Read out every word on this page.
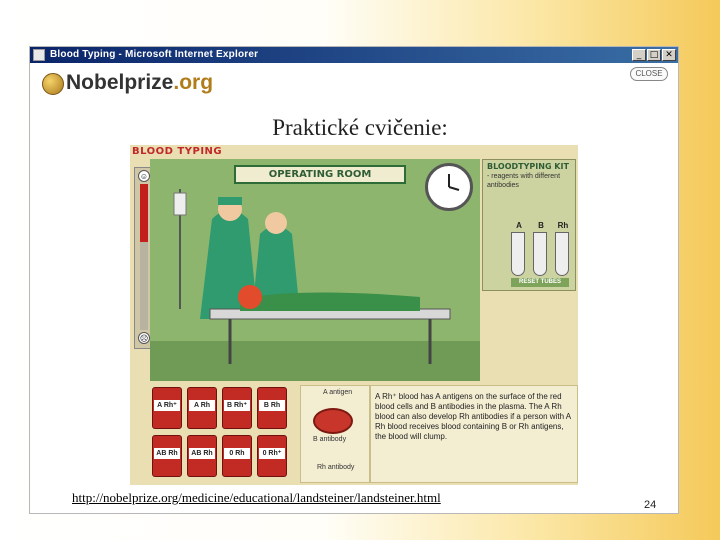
Blood Typing - Microsoft Internet Explorer	_ □ ✕
Nobelprize.org	CLOSE
Praktické cvičenie:
BLOOD TYPING
☺
☹
OPERATING ROOM
BLOODTYPING KIT
- reagents with different antibodies
A	B	Rh
RESET TUBES
A Rh⁺	A Rh	B Rh⁺	B Rh
AB Rh	AB Rh	0 Rh	0 Rh⁺
A antigen
B antibody
Rh antibody
A Rh⁺ blood has A antigens on the surface of the red blood cells and B antibodies in the plasma. The A Rh blood can also develop Rh antibodies if a person with A Rh blood receives blood containing B or Rh antigens, the blood will clump.
http://nobelprize.org/medicine/educational/landsteiner/landsteiner.html	24
